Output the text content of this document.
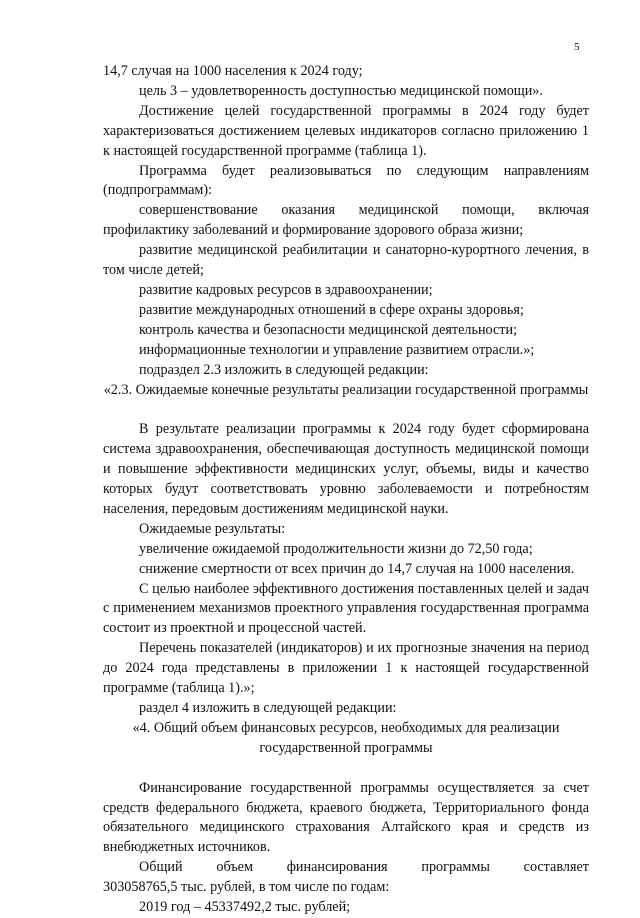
5

14,7 случая на 1000 населения к 2024 году;

цель 3 – удовлетворенность доступностью медицинской помощи».

Достижение целей государственной программы в 2024 году будет характеризоваться достижением целевых индикаторов согласно приложению 1 к настоящей государственной программе (таблица 1).

Программа будет реализовываться по следующим направлениям (подпрограммам):

совершенствование оказания медицинской помощи, включая профилактику заболеваний и формирование здорового образа жизни;

развитие медицинской реабилитации и санаторно-курортного лечения, в том числе детей;

развитие кадровых ресурсов в здравоохранении;

развитие международных отношений в сфере охраны здоровья;

контроль качества и безопасности медицинской деятельности;

информационные технологии и управление развитием отрасли.»;

подраздел 2.3 изложить в следующей редакции:

«2.3. Ожидаемые конечные результаты реализации государственной программы

В результате реализации программы к 2024 году будет сформирована система здравоохранения, обеспечивающая доступность медицинской помощи и повышение эффективности медицинских услуг, объемы, виды и качество которых будут соответствовать уровню заболеваемости и потребностям населения, передовым достижениям медицинской науки.

Ожидаемые результаты:

увеличение ожидаемой продолжительности жизни до 72,50 года;

снижение смертности от всех причин до 14,7 случая на 1000 населения.

С целью наиболее эффективного достижения поставленных целей и задач с применением механизмов проектного управления государственная программа состоит из проектной и процессной частей.

Перечень показателей (индикаторов) и их прогнозные значения на период до 2024 года представлены в приложении 1 к настоящей государственной программе (таблица 1).»;

раздел 4 изложить в следующей редакции:

«4. Общий объем финансовых ресурсов, необходимых для реализации государственной программы

Финансирование государственной программы осуществляется за счет средств федерального бюджета, краевого бюджета, Территориального фонда обязательного медицинского страхования Алтайского края и средств из внебюджетных источников.

Общий объем финансирования программы составляет

303058765,5 тыс. рублей, в том числе по годам:

2019 год – 45337492,2 тыс. рублей;
